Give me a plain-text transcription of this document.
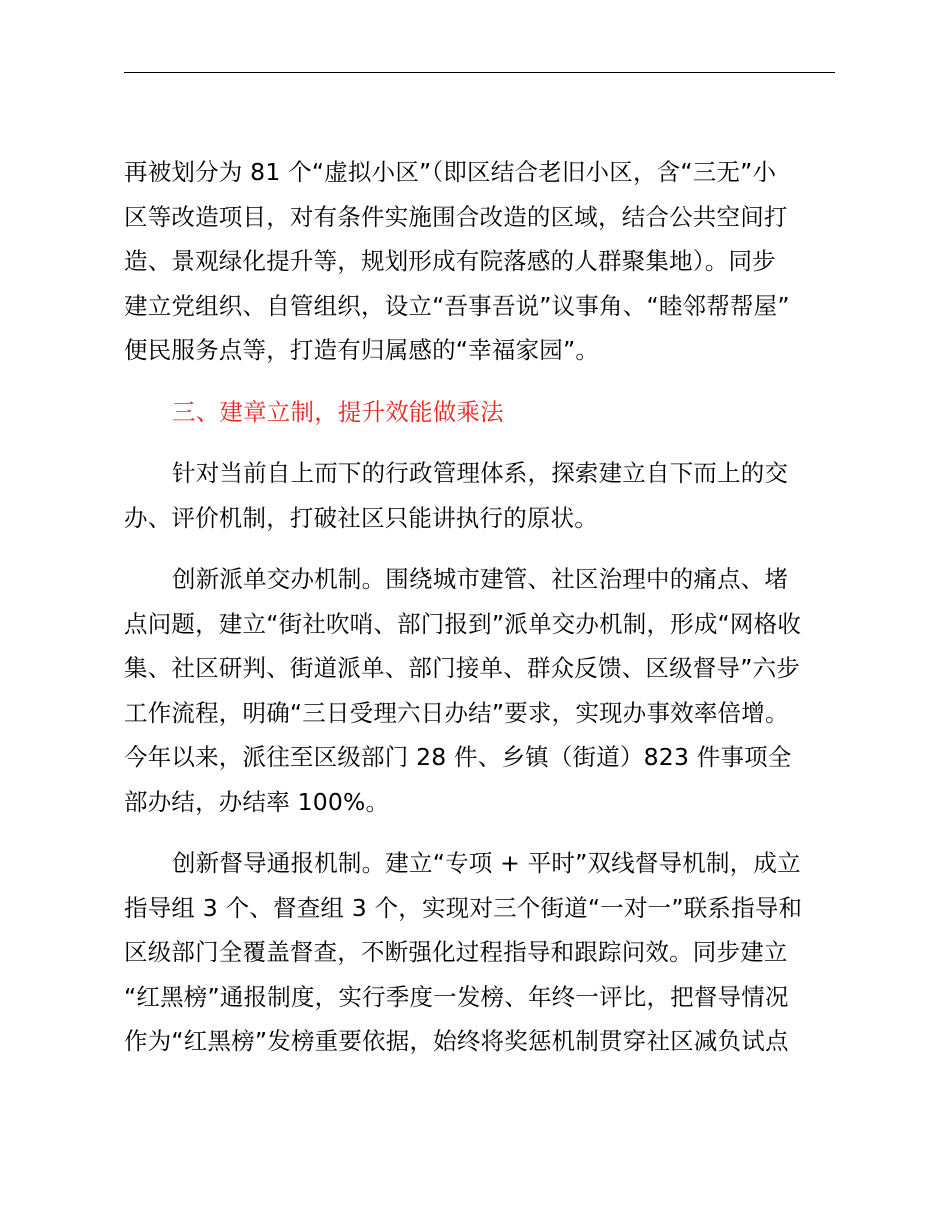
再被划分为 81 个“虚拟小区”（即区结合老旧小区，含“三无”小
区等改造项目，对有条件实施围合改造的区域，结合公共空间打
造、景观绿化提升等，规划形成有院落感的人群聚集地）。同步
建立党组织、自管组织，设立“吾事吾说”议事角、“睦邻帮帮屋”
便民服务点等，打造有归属感的“幸福家园”。

三、建章立制，提升效能做乘法

针对当前自上而下的行政管理体系，探索建立自下而上的交
办、评价机制，打破社区只能讲执行的原状。

创新派单交办机制。围绕城市建管、社区治理中的痛点、堵
点问题，建立“街社吹哨、部门报到”派单交办机制，形成“网格收
集、社区研判、街道派单、部门接单、群众反馈、区级督导”六步
工作流程，明确“三日受理六日办结”要求，实现办事效率倍增。
今年以来，派往至区级部门 28 件、乡镇（街道）823 件事项全
部办结，办结率 100%。

创新督导通报机制。建立“专项 + 平时”双线督导机制，成立
指导组 3 个、督查组 3 个，实现对三个街道“一对一”联系指导和
区级部门全覆盖督查，不断强化过程指导和跟踪问效。同步建立
“红黑榜”通报制度，实行季度一发榜、年终一评比，把督导情况
作为“红黑榜”发榜重要依据，始终将奖惩机制贯穿社区减负试点
